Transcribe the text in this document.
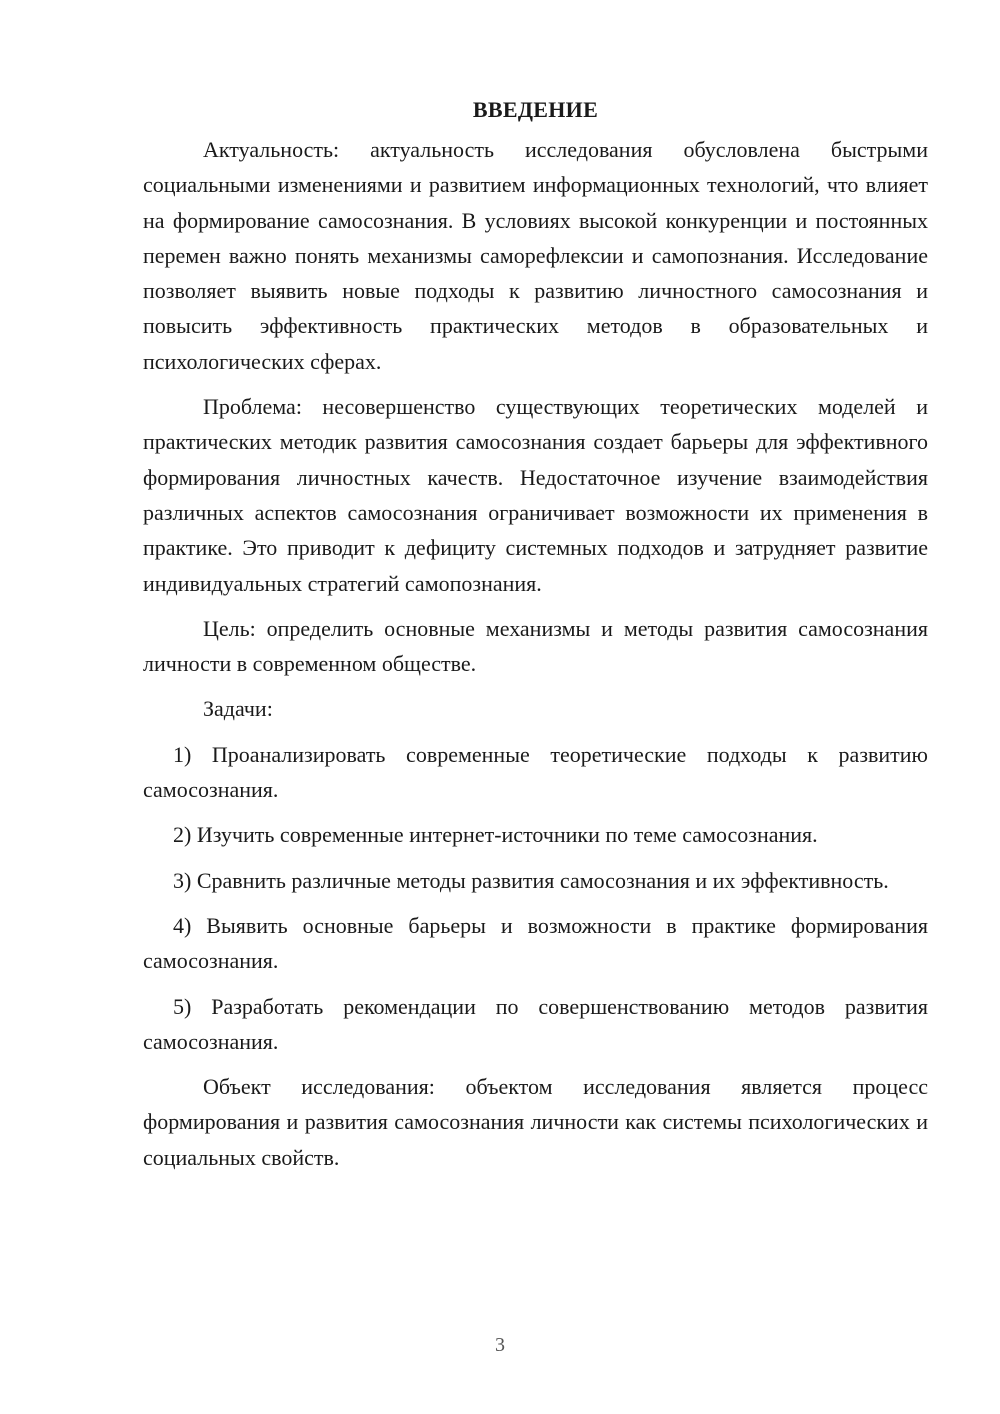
ВВЕДЕНИЕ

Актуальность: актуальность исследования обусловлена быстрыми социальными изменениями и развитием информационных технологий, что влияет на формирование самосознания. В условиях высокой конкуренции и постоянных перемен важно понять механизмы саморефлексии и самопознания. Исследование позволяет выявить новые подходы к развитию личностного самосознания и повысить эффективность практических методов в образовательных и психологических сферах.

Проблема: несовершенство существующих теоретических моделей и практических методик развития самосознания создает барьеры для эффективного формирования личностных качеств. Недостаточное изучение взаимодействия различных аспектов самосознания ограничивает возможности их применения в практике. Это приводит к дефициту системных подходов и затрудняет развитие индивидуальных стратегий самопознания.

Цель: определить основные механизмы и методы развития самосознания личности в современном обществе.

Задачи:

1) Проанализировать современные теоретические подходы к развитию самосознания.

2) Изучить современные интернет-источники по теме самосознания.

3) Сравнить различные методы развития самосознания и их эффективность.

4) Выявить основные барьеры и возможности в практике формирования самосознания.

5) Разработать рекомендации по совершенствованию методов развития самосознания.

Объект исследования: объектом исследования является процесс формирования и развития самосознания личности как системы психологических и социальных свойств.

3
